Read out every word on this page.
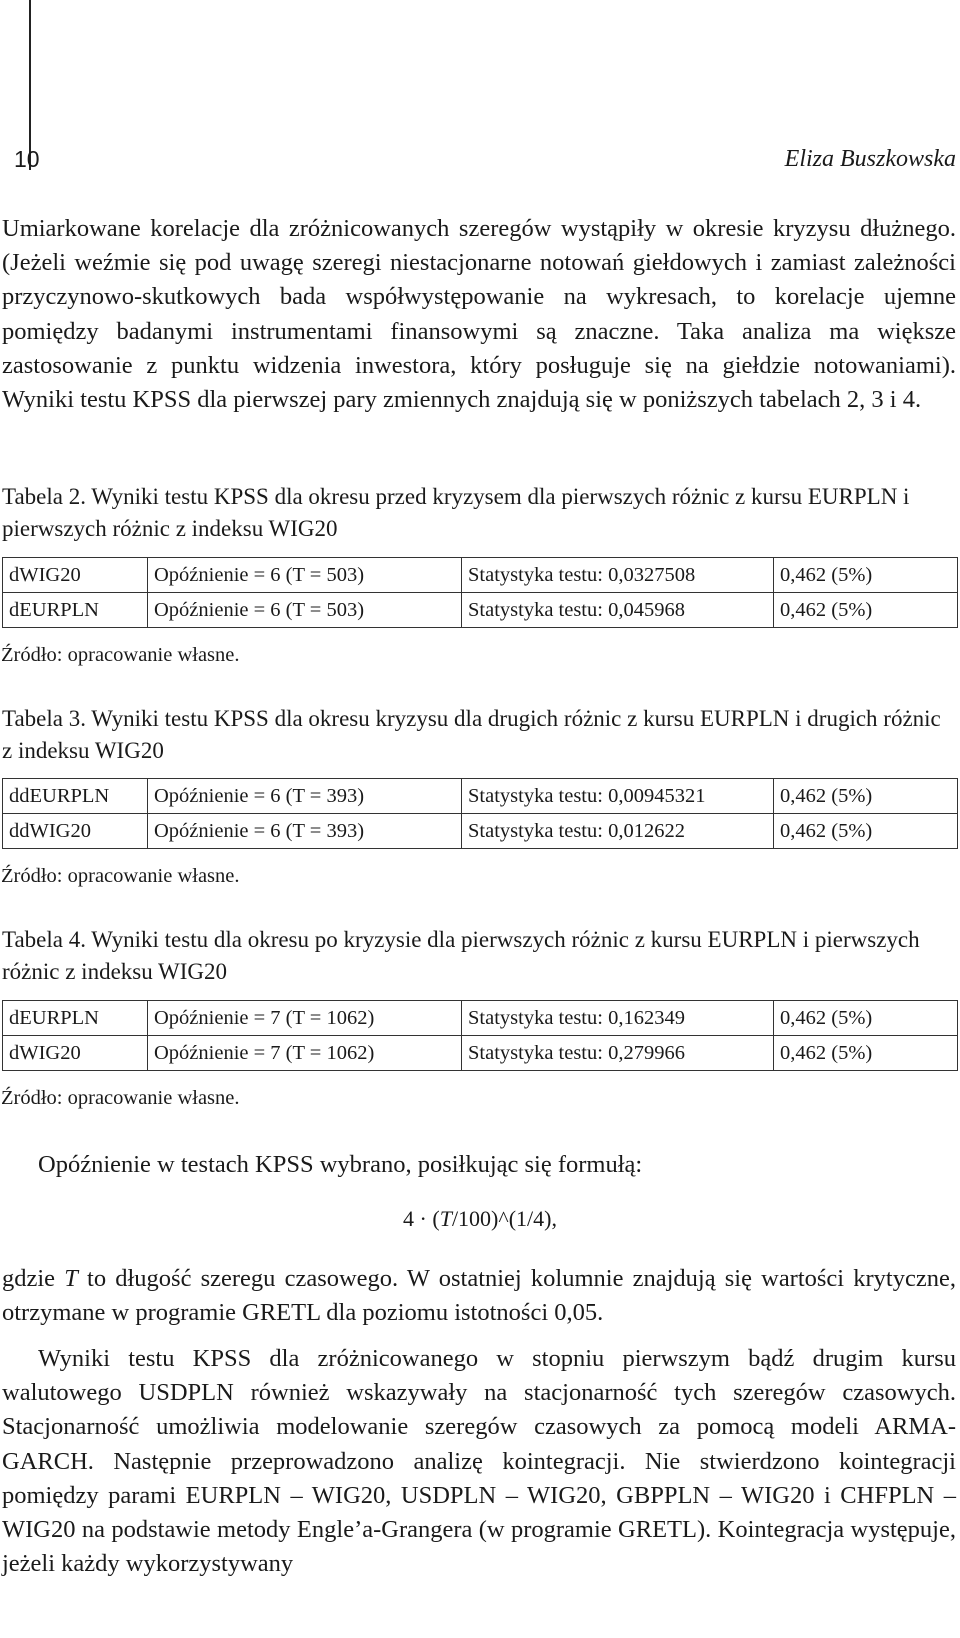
10	Eliza Buszkowska

Umiarkowane korelacje dla zróżnicowanych szeregów wystąpiły w okresie kryzysu dłużnego. (Jeżeli weźmie się pod uwagę szeregi niestacjonarne notowań giełdowych i zamiast zależności przyczynowo-skutkowych bada współwystępowanie na wykresach, to korelacje ujemne pomiędzy badanymi instrumentami finansowymi są znaczne. Taka analiza ma większe zastosowanie z punktu widzenia inwestora, który posługuje się na giełdzie notowaniami). Wyniki testu KPSS dla pierwszej pary zmiennych znajdują się w poniższych tabelach 2, 3 i 4.

Tabela 2. Wyniki testu KPSS dla okresu przed kryzysem dla pierwszych różnic z kursu EURPLN i pierwszych różnic z indeksu WIG20

dWIG20	Opóźnienie = 6 (T = 503)	Statystyka testu: 0,0327508	0,462 (5%)
dEURPLN	Opóźnienie = 6 (T = 503)	Statystyka testu: 0,045968	0,462 (5%)

Źródło: opracowanie własne.

Tabela 3. Wyniki testu KPSS dla okresu kryzysu dla drugich różnic z kursu EURPLN i drugich różnic z indeksu WIG20

ddEURPLN	Opóźnienie = 6 (T = 393)	Statystyka testu: 0,00945321	0,462 (5%)
ddWIG20	Opóźnienie = 6 (T = 393)	Statystyka testu: 0,012622	0,462 (5%)

Źródło: opracowanie własne.

Tabela 4. Wyniki testu dla okresu po kryzysie dla pierwszych różnic z kursu EURPLN i pierwszych różnic z indeksu WIG20

dEURPLN	Opóźnienie = 7 (T = 1062)	Statystyka testu: 0,162349	0,462 (5%)
dWIG20	Opóźnienie = 7 (T = 1062)	Statystyka testu: 0,279966	0,462 (5%)

Źródło: opracowanie własne.

Opóźnienie w testach KPSS wybrano, posiłkując się formułą:

4 · (T/100)^(1/4),

gdzie T to długość szeregu czasowego. W ostatniej kolumnie znajdują się wartości krytyczne, otrzymane w programie GRETL dla poziomu istotności 0,05.

Wyniki testu KPSS dla zróżnicowanego w stopniu pierwszym bądź drugim kursu walutowego USDPLN również wskazywały na stacjonarność tych szeregów czasowych. Stacjonarność umożliwia modelowanie szeregów czasowych za pomocą modeli ARMA-GARCH. Następnie przeprowadzono analizę kointegracji. Nie stwierdzono kointegracji pomiędzy parami EURPLN – WIG20, USDPLN – WIG20, GBPPLN – WIG20 i CHFPLN – WIG20 na podstawie metody Engle’a-Grangera (w programie GRETL). Kointegracja występuje, jeżeli każdy wykorzystywany
